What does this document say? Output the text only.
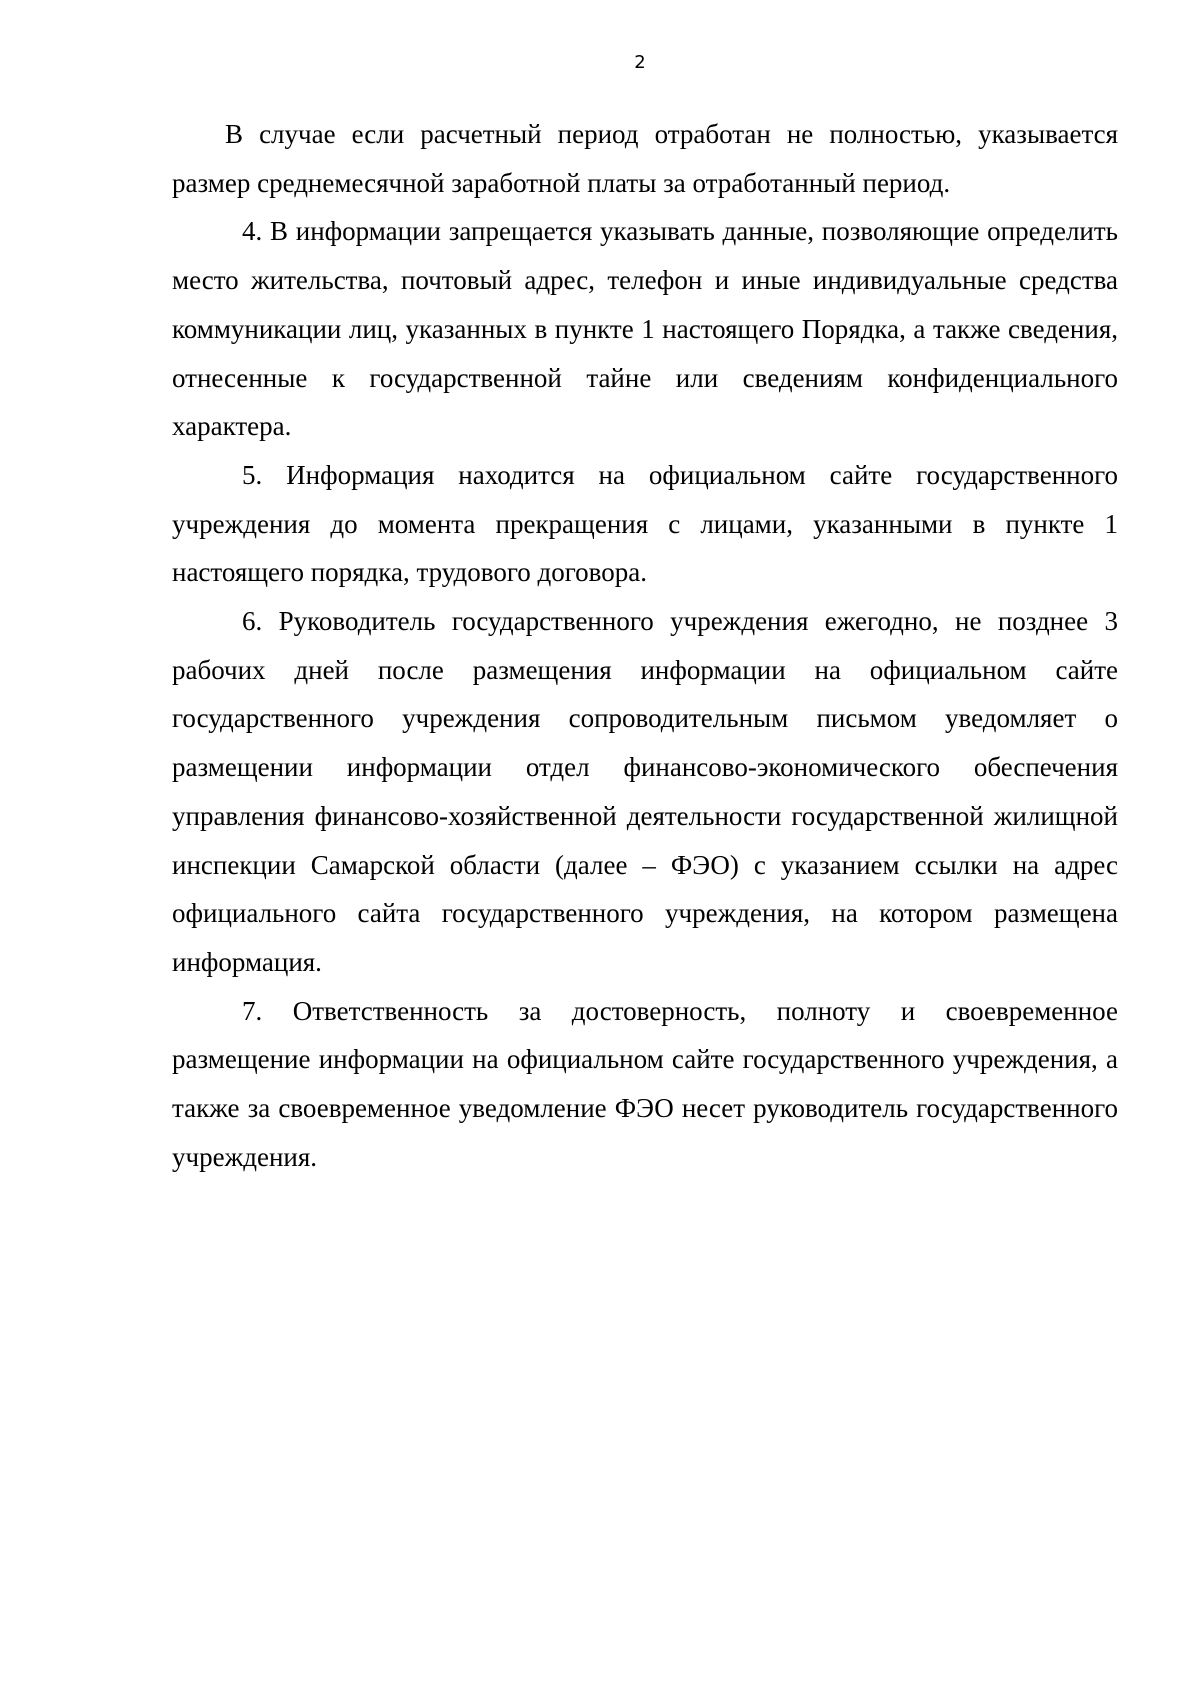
2

В случае если расчетный период отработан не полностью, указывается размер среднемесячной заработной платы за отработанный период.

4. В информации запрещается указывать данные, позволяющие определить место жительства, почтовый адрес, телефон и иные индивидуальные средства коммуникации лиц, указанных в пункте 1 настоящего Порядка, а также сведения, отнесенные к государственной тайне или сведениям конфиденциального характера.

5. Информация находится на официальном сайте государственного учреждения до момента прекращения с лицами, указанными в пункте 1 настоящего порядка, трудового договора.

6. Руководитель государственного учреждения ежегодно, не позднее 3 рабочих дней после размещения информации на официальном сайте государственного учреждения сопроводительным письмом уведомляет о размещении информации отдел финансово-экономического обеспечения управления финансово-хозяйственной деятельности государственной жилищной инспекции Самарской области (далее – ФЭО) с указанием ссылки на адрес официального сайта государственного учреждения, на котором размещена информация.

7. Ответственность за достоверность, полноту и своевременное размещение информации на официальном сайте государственного учреждения, а также за своевременное уведомление ФЭО несет руководитель государственного учреждения.
